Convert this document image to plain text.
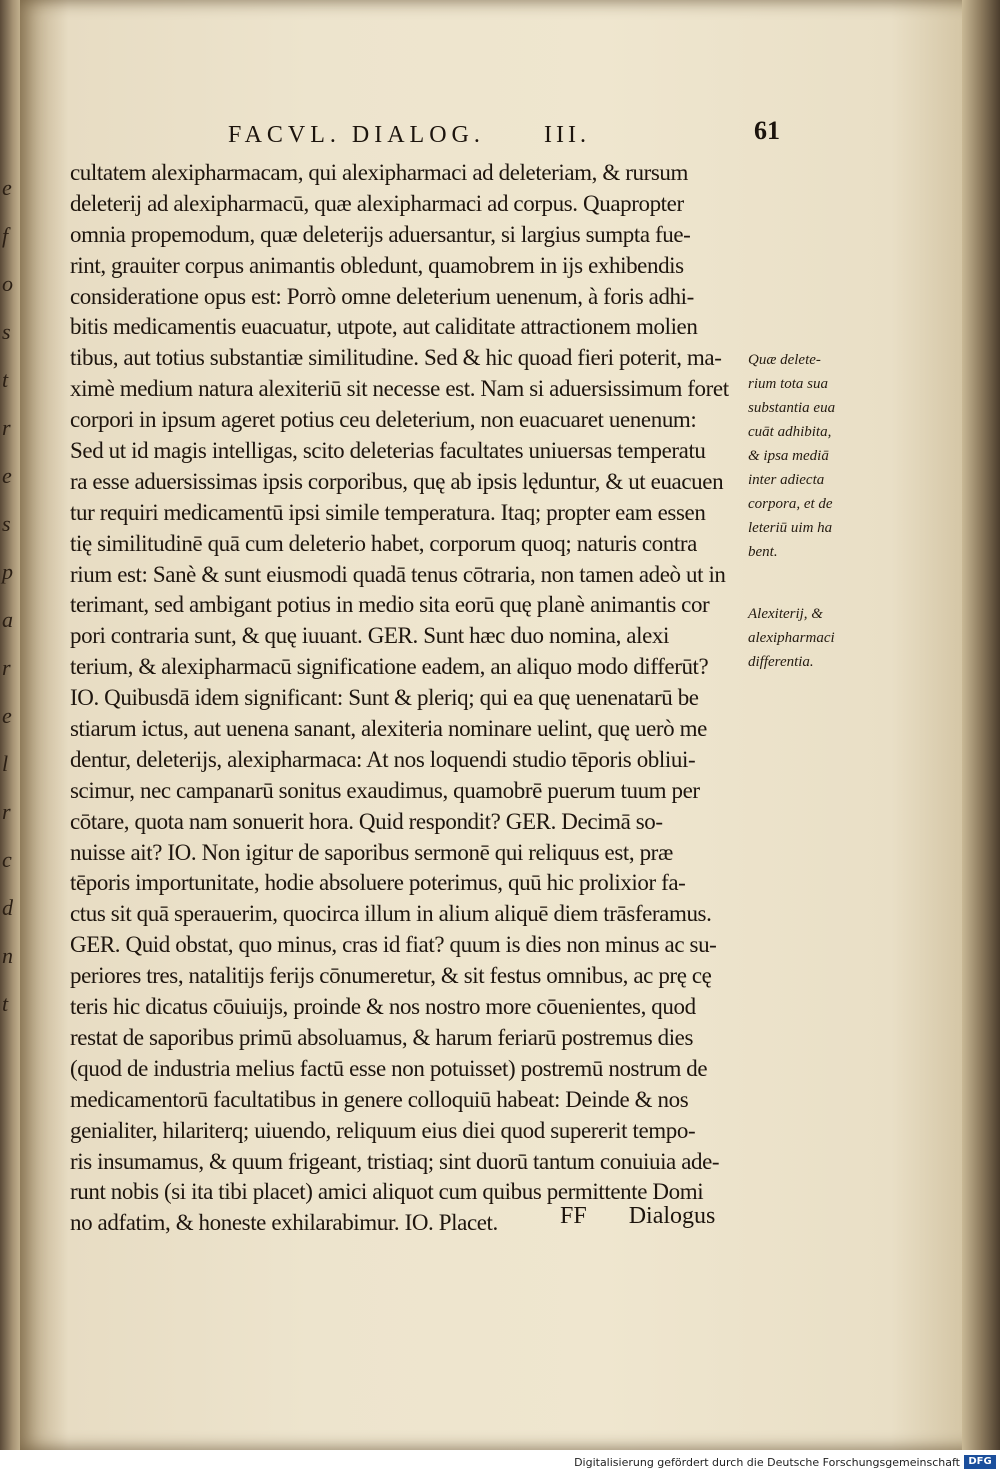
e
f
o
s
t
r
e
s
p
a
r
e
l
r
c
d
n
t
FACVL. DIALOG. III.	61
cultatem alexipharmacam, qui alexipharmaci ad deleteriam, & rursum
deleterij ad alexipharmacū, quæ alexipharmaci ad corpus. Quapropter
omnia propemodum, quæ deleterijs aduersantur, si largius sumpta fue-
rint, grauiter corpus animantis obledunt, quamobrem in ijs exhibendis
consideratione opus est: Porrò omne deleterium uenenum, à foris adhi-
bitis medicamentis euacuatur, utpote, aut caliditate attractionem molien
tibus, aut totius substantiæ similitudine. Sed & hic quoad fieri poterit, ma-
ximè medium natura alexiteriū sit necesse est. Nam si aduersissimum foret
corpori in ipsum ageret potius ceu deleterium, non euacuaret uenenum:
Sed ut id magis intelligas, scito deleterias facultates uniuersas temperatu
ra esse aduersissimas ipsis corporibus, quę ab ipsis lęduntur, & ut euacuen
tur requiri medicamentū ipsi simile temperatura. Itaq; propter eam essen
tię similitudinē quā cum deleterio habet, corporum quoq; naturis contra
rium est: Sanè & sunt eiusmodi quadā tenus cōtraria, non tamen adeò ut in
terimant, sed ambigant potius in medio sita eorū quę planè animantis cor
pori contraria sunt, & quę iuuant. GER. Sunt hæc duo nomina, alexi
terium, & alexipharmacū significatione eadem, an aliquo modo differūt?
IO. Quibusdā idem significant: Sunt & pleriq; qui ea quę uenenatarū be
stiarum ictus, aut uenena sanant, alexiteria nominare uelint, quę uerò me
dentur, deleterijs, alexipharmaca: At nos loquendi studio tēporis obliui-
scimur, nec campanarū sonitus exaudimus, quamobrē puerum tuum per
cōtare, quota nam sonuerit hora. Quid respondit? GER. Decimā so-
nuisse ait? IO. Non igitur de saporibus sermonē qui reliquus est, præ
tēporis importunitate, hodie absoluere poterimus, quū hic prolixior fa-
ctus sit quā sperauerim, quocirca illum in alium aliquē diem trāsferamus.
GER. Quid obstat, quo minus, cras id fiat? quum is dies non minus ac su-
periores tres, natalitijs ferijs cōnumeretur, & sit festus omnibus, ac prę cę
teris hic dicatus cōuiuijs, proinde & nos nostro more cōuenientes, quod
restat de saporibus primū absoluamus, & harum feriarū postremus dies
(quod de industria melius factū esse non potuisset) postremū nostrum de
medicamentorū facultatibus in genere colloquiū habeat: Deinde & nos
genialiter, hilariterq; uiuendo, reliquum eius diei quod supererit tempo-
ris insumamus, & quum frigeant, tristiaq; sint duorū tantum conuiuia ade-
runt nobis (si ita tibi placet) amici aliquot cum quibus permittente Domi
no adfatim, & honeste exhilarabimur. IO. Placet.
Quæ delete-
rium tota sua
substantia eua
cuāt adhibita,
& ipsa mediā
inter adiecta
corpora, et de
leteriū uim ha
bent.
Alexiterij, &
alexipharmaci
differentia.
FF Dialogus
Digitalisierung gefördert durch die Deutsche Forschungsgemeinschaft DFG
